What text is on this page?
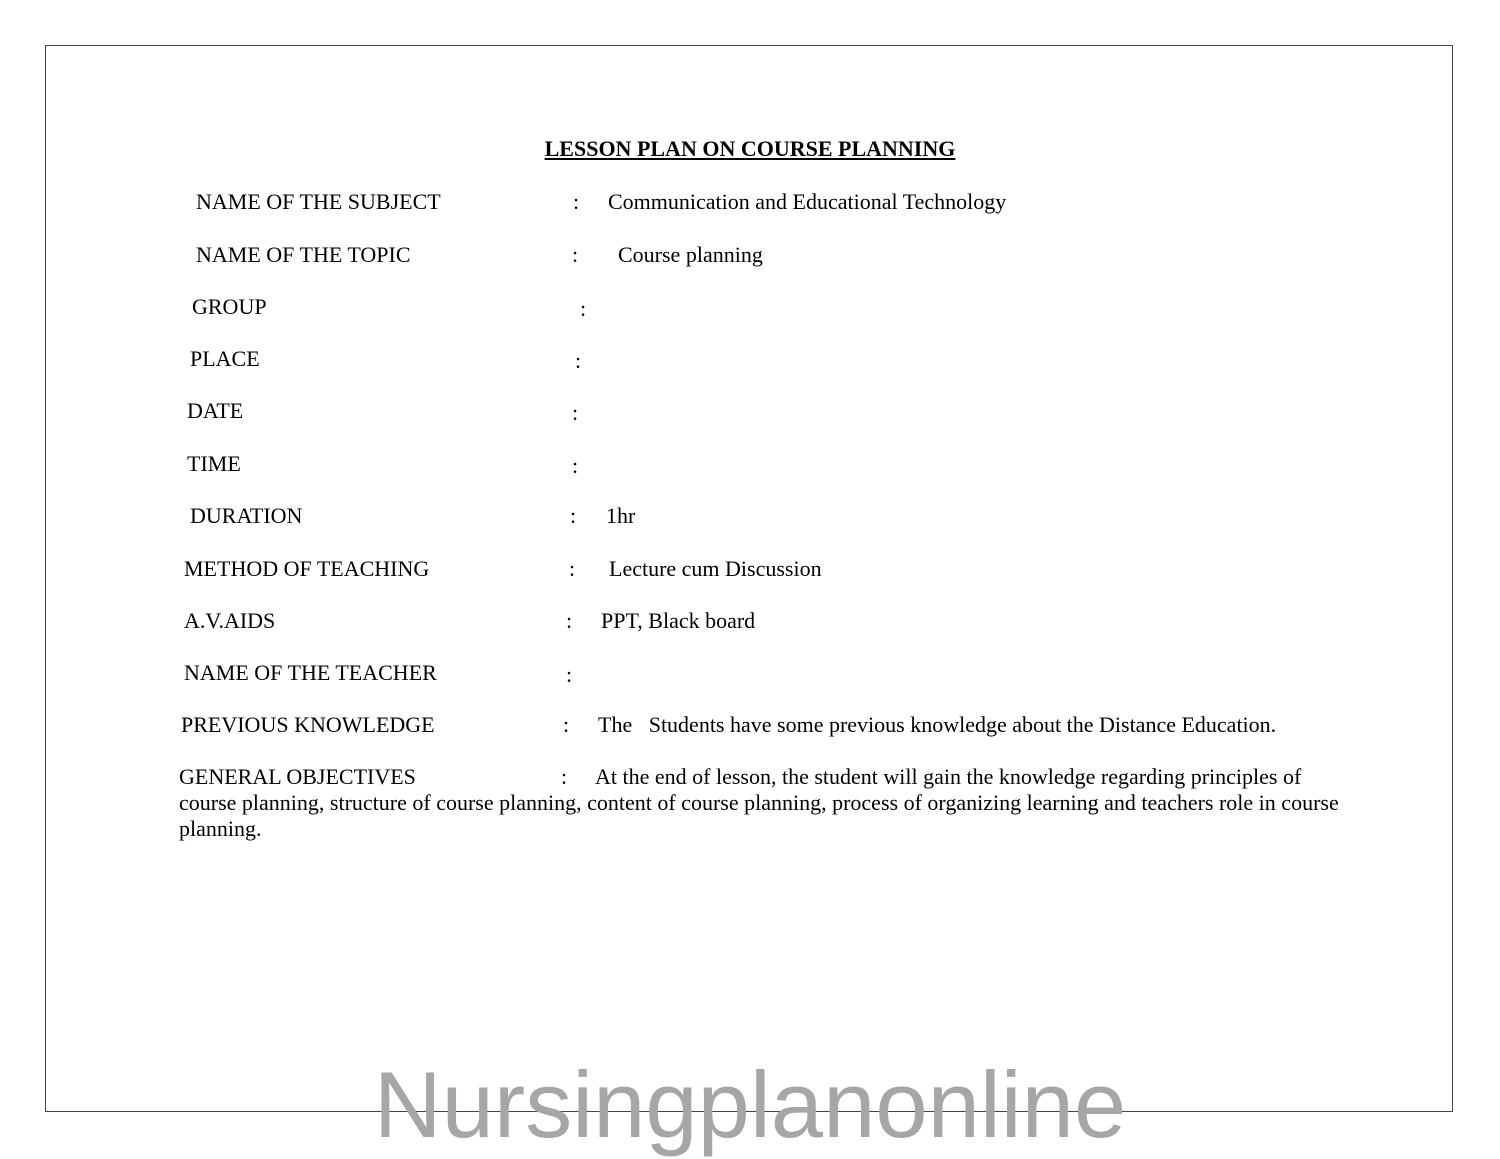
LESSON PLAN ON COURSE PLANNING
NAME OF THE SUBJECT	: Communication and Educational Technology
NAME OF THE TOPIC	: Course planning
GROUP	:
PLACE	:
DATE	:
TIME	:
DURATION	: 1hr
METHOD OF TEACHING	: Lecture cum Discussion
A.V.AIDS	: PPT, Black board
NAME OF THE TEACHER	:
PREVIOUS KNOWLEDGE	: The   Students have some previous knowledge about the Distance Education.
GENERAL OBJECTIVES	: At the end of lesson, the student will gain the knowledge regarding principles of course planning, structure of course planning, content of course planning, process of organizing learning and teachers role in course planning.
Nursingplanonline
